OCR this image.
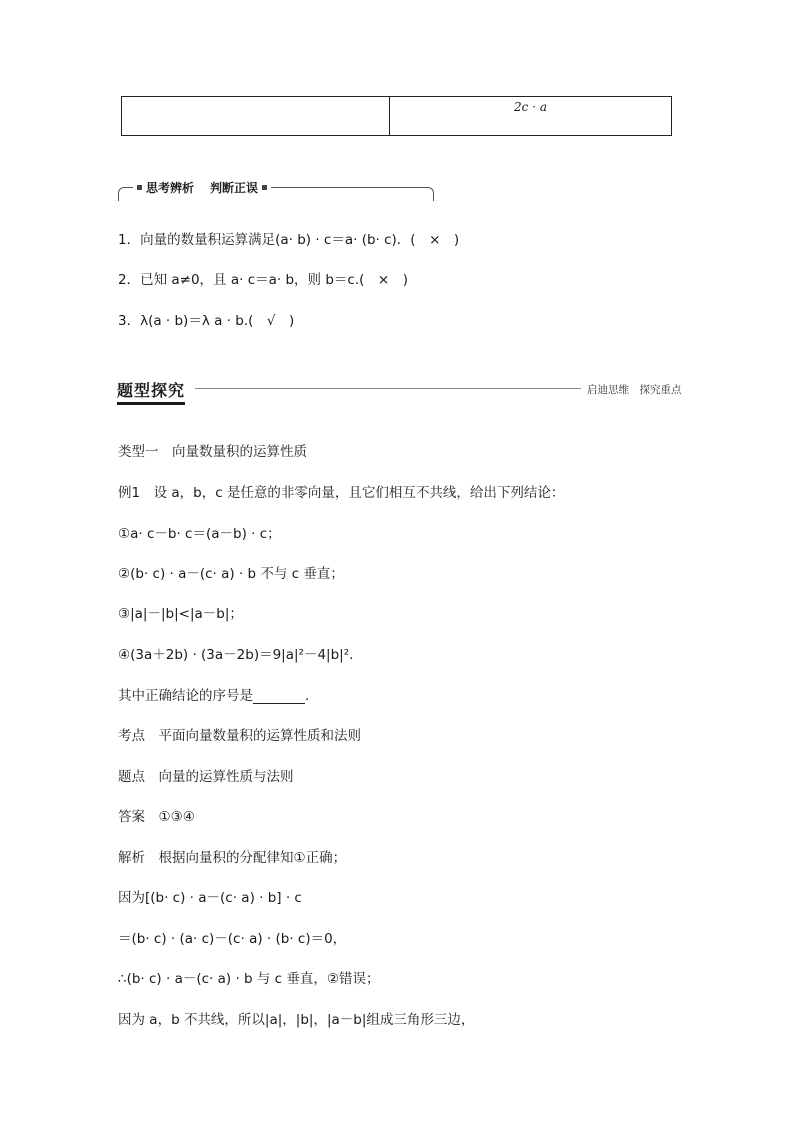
2c · a
思考辨析 判断正误
1．向量的数量积运算满足(a· b) · c＝a· (b· c)．(　×　)
2．已知 a≠0，且 a· c＝a· b，则 b＝c.(　×　)
3．λ(a · b)＝λ a · b.(　√　)
题型探究	启迪思维　探究重点
类型一　向量数量积的运算性质
例1　设 a，b，c 是任意的非零向量，且它们相互不共线，给出下列结论：
①a· c－b· c＝(a－b) · c；
②(b· c) · a－(c· a) · b 不与 c 垂直；
③|a|－|b|<|a－b|；
④(3a＋2b) · (3a－2b)＝9|a|²－4|b|².
其中正确结论的序号是	.
考点　平面向量数量积的运算性质和法则
题点　向量的运算性质与法则
答案　①③④
解析　根据向量积的分配律知①正确；
因为[(b· c) · a－(c· a) · b] · c
＝(b· c) · (a· c)－(c· a) · (b· c)＝0，
∴(b· c) · a－(c· a) · b 与 c 垂直，②错误；
因为 a，b 不共线，所以|a|，|b|，|a－b|组成三角形三边，
